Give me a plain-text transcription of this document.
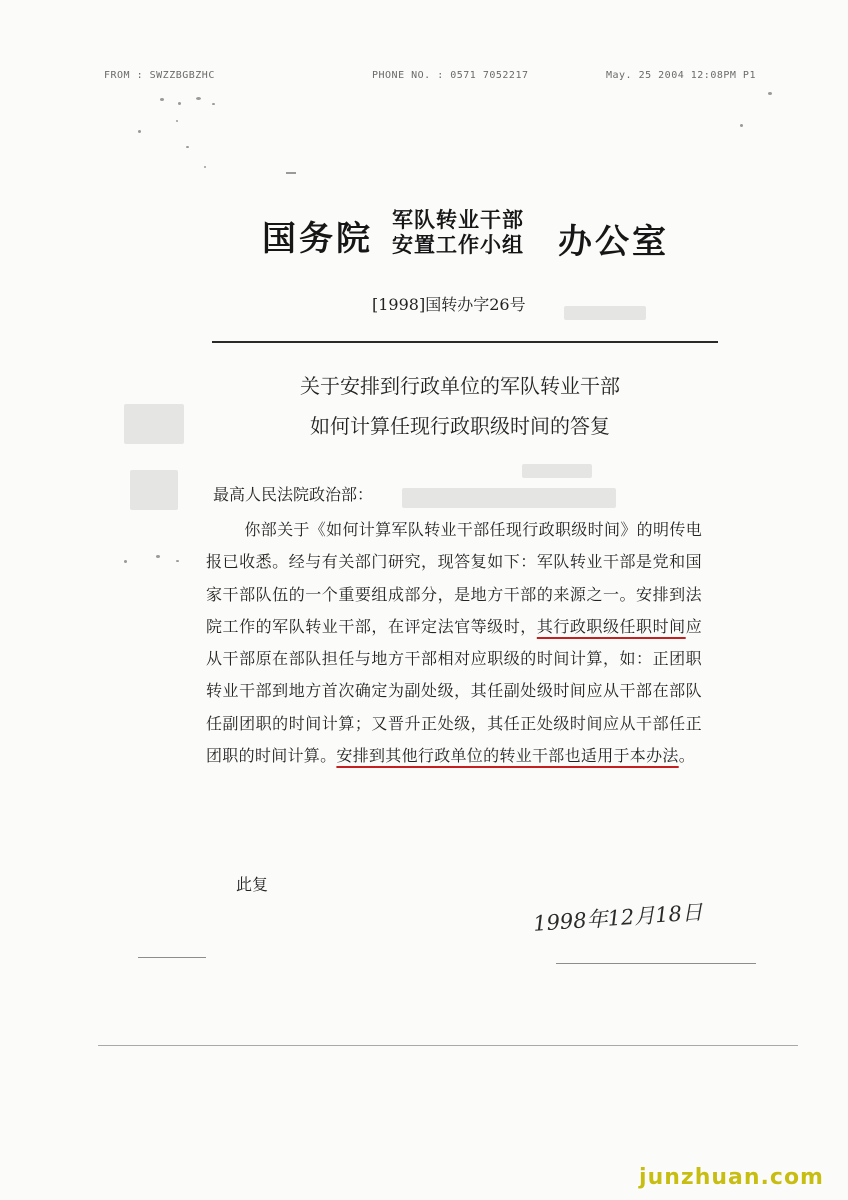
FROM : SWZZBGBZHC	PHONE NO. : 0571 7052217	May. 25 2004 12:08PM P1
国务院 军队转业干部
安置工作小组 办公室
[1998]国转办字26号
关于安排到行政单位的军队转业干部
如何计算任现行政职级时间的答复
最高人民法院政治部：
你部关于《如何计算军队转业干部任现行政职级时间》的明传电报已收悉。经与有关部门研究，现答复如下：军队转业干部是党和国家干部队伍的一个重要组成部分，是地方干部的来源之一。安排到法院工作的军队转业干部，在评定法官等级时，其行政职级任职时间应从干部原在部队担任与地方干部相对应职级的时间计算，如：正团职转业干部到地方首次确定为副处级，其任副处级时间应从干部在部队任副团职的时间计算；又晋升正处级，其任正处级时间应从干部任正团职的时间计算。安排到其他行政单位的转业干部也适用于本办法。
此复
1998年12月18日
junzhuan.com
